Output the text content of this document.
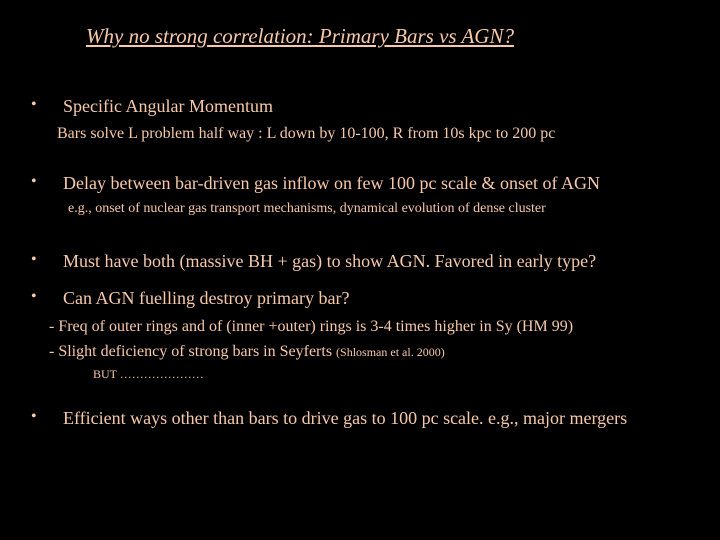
Why no strong correlation: Primary Bars vs AGN?
• Specific Angular Momentum
Bars solve L problem half way : L down by 10-100, R from 10s kpc to 200 pc
• Delay between bar-driven gas inflow on few 100 pc scale & onset of AGN
e.g., onset of nuclear gas transport mechanisms, dynamical evolution of dense cluster
• Must have both (massive BH + gas) to show AGN. Favored in early type?
• Can AGN fuelling destroy primary bar?
- Freq of outer rings and of (inner +outer) rings is 3-4 times higher in Sy (HM 99)
- Slight deficiency of strong bars in Seyferts (Shlosman et al. 2000)
BUT …………………
• Efficient ways other than bars to drive gas to 100 pc scale. e.g., major mergers
